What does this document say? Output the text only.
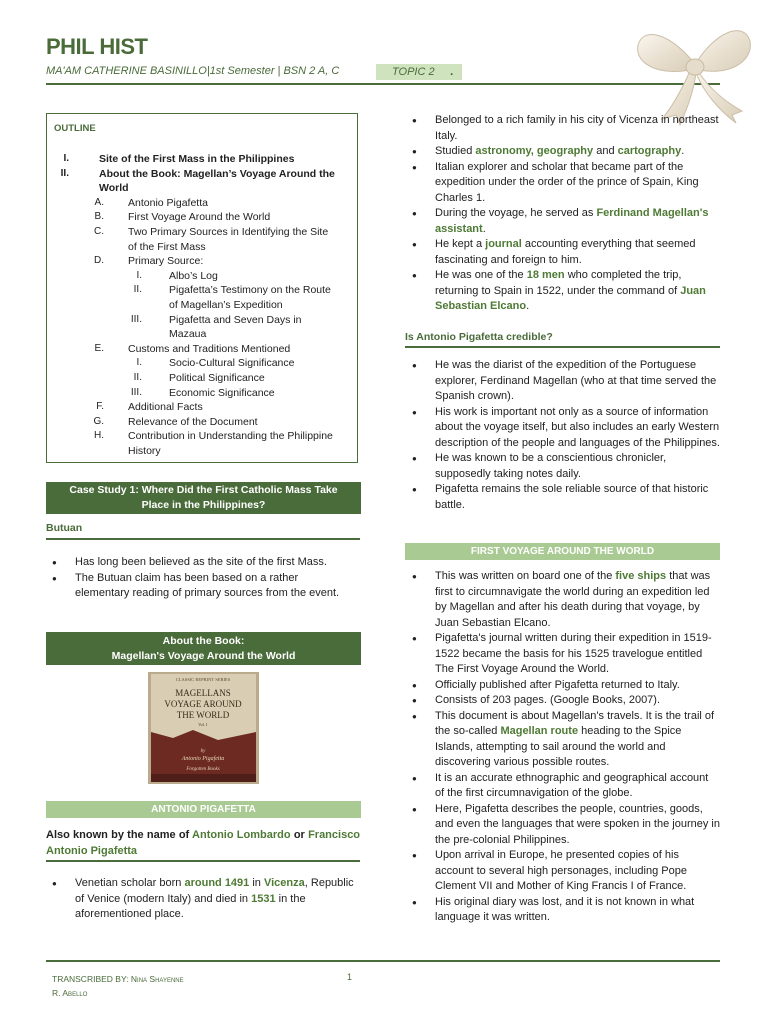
PHIL HIST
MA'AM CATHERINE BASINILLO|1st Semester | BSN 2 A, C	TOPIC 2	.
OUTLINE
I.	Site of the First Mass in the Philippines
II.	About the Book: Magellan’s Voyage Around the
World
A. Antonio Pigafetta
B. First Voyage Around the World
C. Two Primary Sources in Identifying the Site
of the First Mass
D. Primary Source:
I.	Albo’s Log
II.	Pigafetta’s Testimony on the Route
of Magellan’s Expedition
III.	Pigafetta and Seven Days in
Mazaua
E. Customs and Traditions Mentioned
I.	Socio-Cultural Significance
II.	Political Significance
III.	Economic Significance
F. Additional Facts
G. Relevance of the Document
H. Contribution in Understanding the Philippine
History
Case Study 1: Where Did the First Catholic Mass Take
Place in the Philippines?
Butuan
● Has long been believed as the site of the first Mass.
● The Butuan claim has been based on a rather elementary reading of primary sources from the event.
About the Book:
Magellan's Voyage Around the World
CLASSIC REPRINT SERIES
MAGELLANS
VOYAGE AROUND
THE WORLD
Vol. 1
by
Antonio Pigafetta
Forgotten Books
ANTONIO PIGAFETTA
Also known by the name of Antonio Lombardo or Francisco Antonio Pigafetta
● Venetian scholar born around 1491 in Vicenza, Republic of Venice (modern Italy) and died in 1531 in the aforementioned place.
● Belonged to a rich family in his city of Vicenza in northeast Italy.
● Studied astronomy, geography and cartography.
● Italian explorer and scholar that became part of the expedition under the order of the prince of Spain, King Charles 1.
● During the voyage, he served as Ferdinand Magellan's assistant.
● He kept a journal accounting everything that seemed fascinating and foreign to him.
● He was one of the 18 men who completed the trip, returning to Spain in 1522, under the command of Juan Sebastian Elcano.
Is Antonio Pigafetta credible?
● He was the diarist of the expedition of the Portuguese explorer, Ferdinand Magellan (who at that time served the Spanish crown).
● His work is important not only as a source of information about the voyage itself, but also includes an early Western description of the people and languages of the Philippines.
● He was known to be a conscientious chronicler, supposedly taking notes daily.
● Pigafetta remains the sole reliable source of that historic battle.
FIRST VOYAGE AROUND THE WORLD
● This was written on board one of the five ships that was first to circumnavigate the world during an expedition led by Magellan and after his death during that voyage, by Juan Sebastian Elcano.
● Pigafetta's journal written during their expedition in 1519-1522 became the basis for his 1525 travelogue entitled The First Voyage Around the World.
● Officially published after Pigafetta returned to Italy.
● Consists of 203 pages. (Google Books, 2007).
● This document is about Magellan's travels. It is the trail of the so-called Magellan route heading to the Spice Islands, attempting to sail around the world and discovering various possible routes.
● It is an accurate ethnographic and geographical account of the first circumnavigation of the globe.
● Here, Pigafetta describes the people, countries, goods, and even the languages that were spoken in the journey in the pre-colonial Philippines.
● Upon arrival in Europe, he presented copies of his account to several high personages, including Pope Clement VII and Mother of King Francis I of France.
● His original diary was lost, and it is not known in what language it was written.
TRANSCRIBED BY: Nina Shayenne
R. Abello
1
